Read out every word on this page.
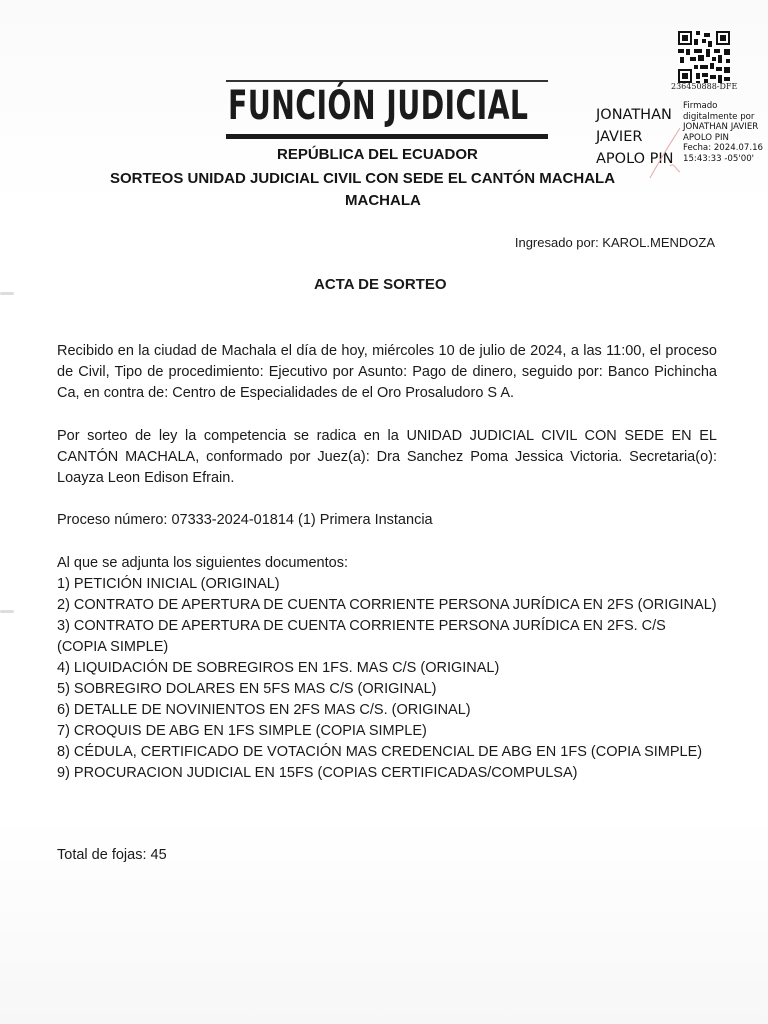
236450888-DFE
JONATHAN
JAVIER
APOLO PIN
Firmado
digitalmente por
JONATHAN JAVIER
APOLO PIN
Fecha: 2024.07.16
15:43:33 -05'00'
FUNCIÓN JUDICIAL
REPÚBLICA DEL ECUADOR
SORTEOS UNIDAD JUDICIAL CIVIL CON SEDE EL CANTÓN MACHALA
MACHALA
Ingresado por: KAROL.MENDOZA
ACTA DE SORTEO
Recibido en la ciudad de Machala el día de hoy, miércoles 10 de julio de 2024, a las 11:00, el proceso de Civil, Tipo de procedimiento: Ejecutivo por Asunto: Pago de dinero, seguido por: Banco Pichincha Ca, en contra de: Centro de Especialidades de el Oro Prosaludoro S A.
Por sorteo de ley la competencia se radica en la UNIDAD JUDICIAL CIVIL CON SEDE EN EL CANTÓN MACHALA, conformado por Juez(a): Dra Sanchez Poma Jessica Victoria. Secretaria(o): Loayza Leon Edison Efrain.
Proceso número: 07333-2024-01814 (1) Primera Instancia
Al que se adjunta los siguientes documentos:
1) PETICIÓN INICIAL (ORIGINAL)
2) CONTRATO DE APERTURA DE CUENTA CORRIENTE PERSONA JURÍDICA EN 2FS (ORIGINAL)
3) CONTRATO DE APERTURA DE CUENTA CORRIENTE PERSONA JURÍDICA EN 2FS. C/S (COPIA SIMPLE)
4) LIQUIDACIÓN DE SOBREGIROS EN 1FS. MAS C/S (ORIGINAL)
5) SOBREGIRO DOLARES EN 5FS MAS C/S (ORIGINAL)
6) DETALLE DE NOVINIENTOS EN 2FS MAS C/S. (ORIGINAL)
7) CROQUIS DE ABG EN 1FS SIMPLE (COPIA SIMPLE)
8) CÉDULA, CERTIFICADO DE VOTACIÓN MAS CREDENCIAL DE ABG EN 1FS (COPIA SIMPLE)
9) PROCURACION JUDICIAL EN 15FS (COPIAS CERTIFICADAS/COMPULSA)
Total de fojas: 45
